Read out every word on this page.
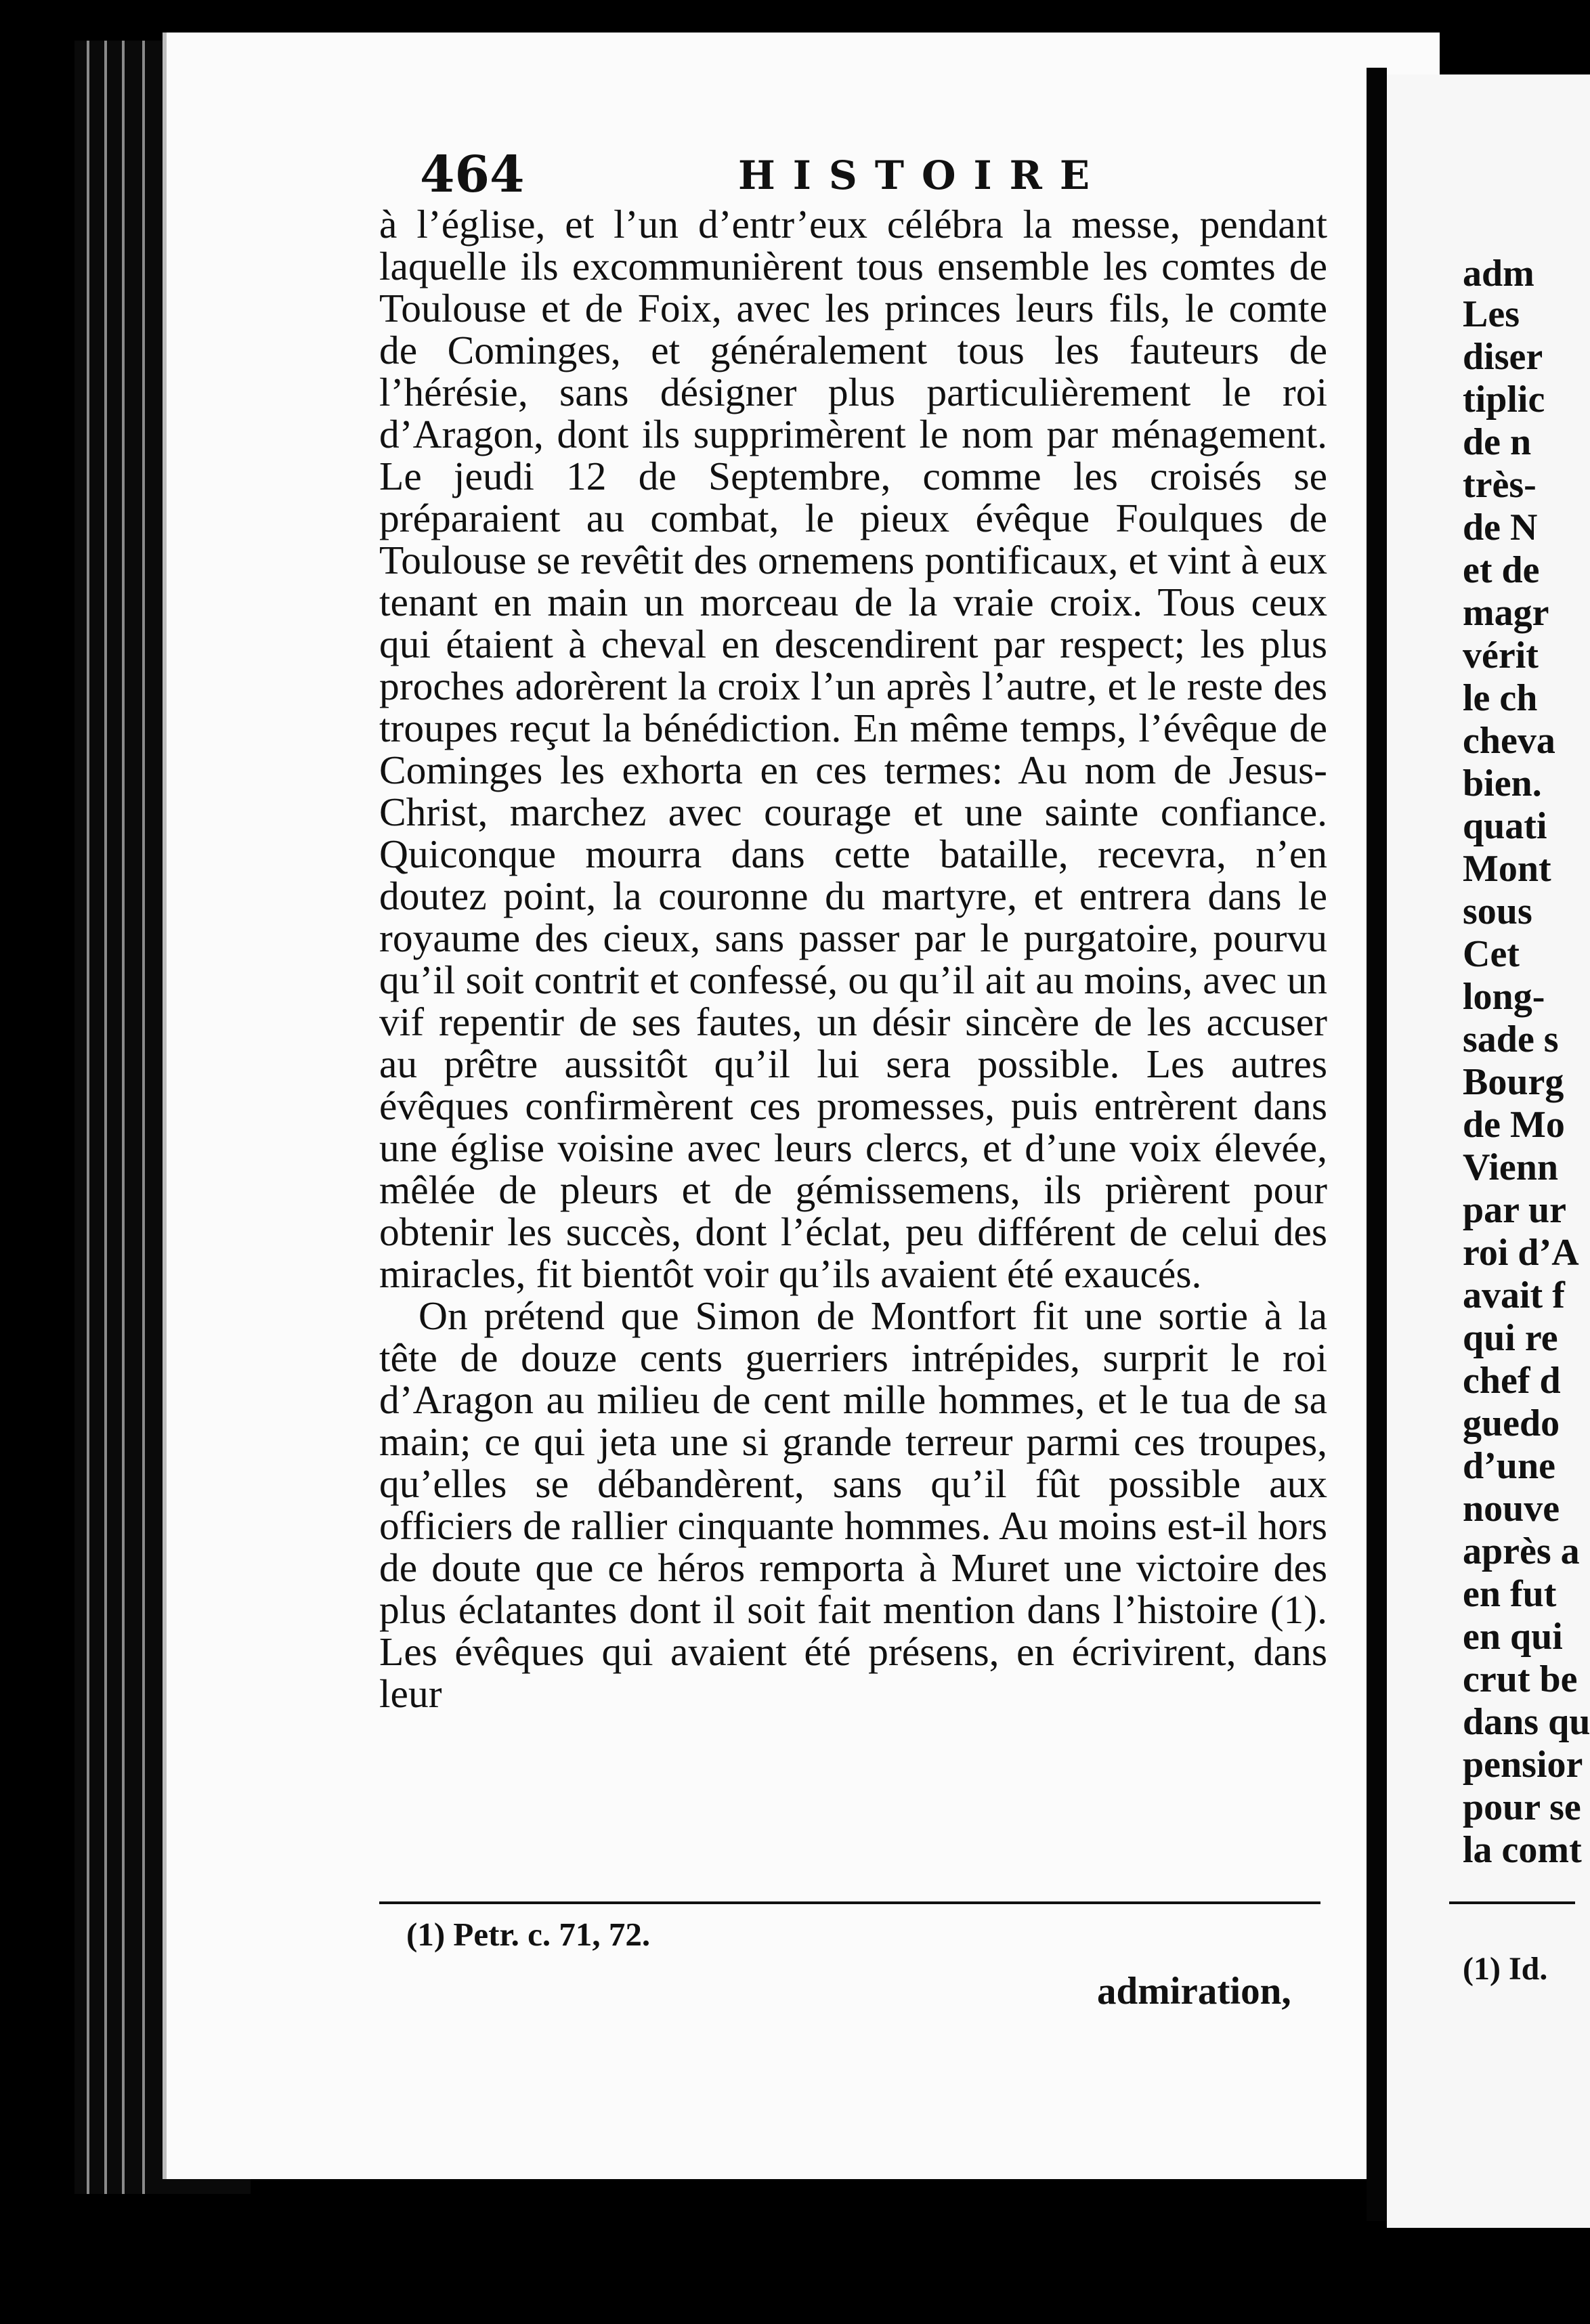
464	HISTOIRE

à l’église, et l’un d’entr’eux célébra la messe, pendant laquelle ils excommunièrent tous ensemble les comtes de Toulouse et de Foix, avec les princes leurs fils, le comte de Cominges, et généralement tous les fauteurs de l’hérésie, sans désigner plus particulièrement le roi d’Aragon, dont ils supprimèrent le nom par ménagement. Le jeudi 12 de Septembre, comme les croisés se préparaient au combat, le pieux évêque Foulques de Toulouse se revêtit des ornemens pontificaux, et vint à eux tenant en main un morceau de la vraie croix. Tous ceux qui étaient à cheval en descendirent par respect; les plus proches adorèrent la croix l’un après l’autre, et le reste des troupes reçut la bénédiction. En même temps, l’évêque de Cominges les exhorta en ces termes: Au nom de Jesus-Christ, marchez avec courage et une sainte confiance. Quiconque mourra dans cette bataille, recevra, n’en doutez point, la couronne du martyre, et entrera dans le royaume des cieux, sans passer par le purgatoire, pourvu qu’il soit contrit et confessé, ou qu’il ait au moins, avec un vif repentir de ses fautes, un désir sincère de les accuser au prêtre aussitôt qu’il lui sera possible. Les autres évêques confirmèrent ces promesses, puis entrèrent dans une église voisine avec leurs clercs, et d’une voix élevée, mêlée de pleurs et de gémissemens, ils prièrent pour obtenir les succès, dont l’éclat, peu différent de celui des miracles, fit bientôt voir qu’ils avaient été exaucés.

On prétend que Simon de Montfort fit une sortie à la tête de douze cents guerriers intrépides, surprit le roi d’Aragon au milieu de cent mille hommes, et le tua de sa main; ce qui jeta une si grande terreur parmi ces troupes, qu’elles se débandèrent, sans qu’il fût possible aux officiers de rallier cinquante hommes. Au moins est-il hors de doute que ce héros remporta à Muret une victoire des plus éclatantes dont il soit fait mention dans l’histoire (1). Les évêques qui avaient été présens, en écrivirent, dans leur

(1) Petr. c. 71, 72.
admiration,
adm
Les
diser
tiplic
de n
très-
de N
et de
magr
vérit
le ch
cheva
bien.
quati
Mont
sous
Cet
long-
sade s
Bourg
de Mo
Vienn
par ur
roi d’A
avait f
qui re
chef d
guedo
d’une
nouve
après a
en fut
en qui
crut be
dans qu
pensior
pour se
la comt
(1) Id.
